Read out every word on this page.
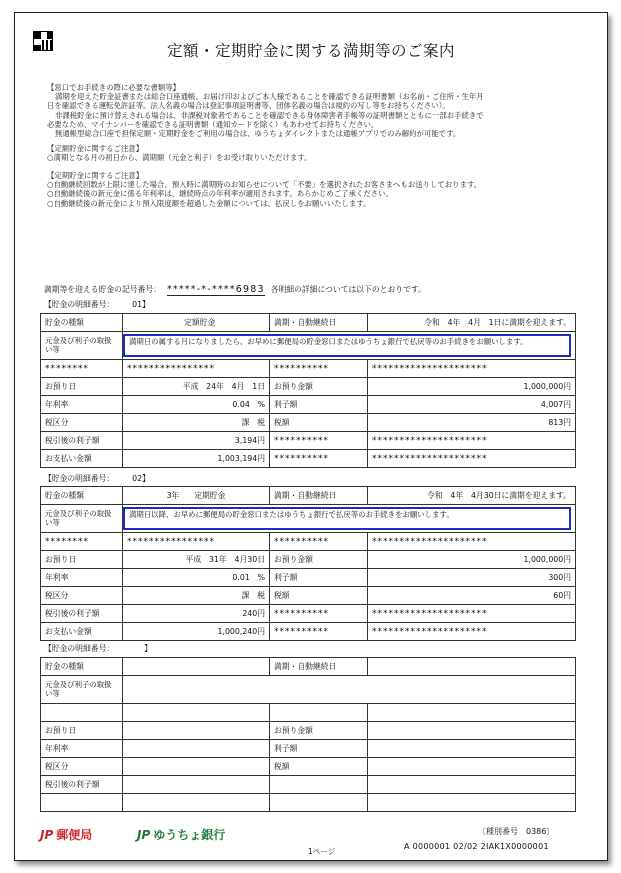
定額・定期貯金に関する満期等のご案内
【窓口でお手続きの際に必要な書類等】
満期を迎えた貯金証書または総合口座通帳、お届け印およびご本人様であることを確認できる証明書類（お名前・ご住所・生年月
日を確認できる運転免許証等。法人名義の場合は登記事項証明書等、団体名義の場合は規約の写し等をお持ちください）。
非課税貯金に預け替えされる場合は、非課税対象者であることを確認できる身体障害者手帳等の証明書類とともに一部お手続きで
必要なため、マイナンバーを確認できる証明書類（通知カードを除く）もあわせてお持ちください。
無通帳型総合口座で担保定額・定期貯金をご利用の場合は、ゆうちょダイレクトまたは通帳アプリでのみ解約が可能です。
【定額貯金に関するご注意】
○満期となる月の初日から、満期額（元金と利子）をお受け取りいただけます。
【定期貯金に関するご注意】
○自動継続回数が上限に達した場合、預入時に満期時のお知らせについて「不要」を選択されたお客さまへもお送りしております。
○自動継続後の新元金に係る年利率は、継続時点の年利率が適用されます。あらかじめご了承ください。
○自動継続後の新元金により預入限度額を超過した金額については、払戻しをお願いいたします。
満期等を迎える貯金の記号番号： *****-*-****6983 各明細の詳細については以下のとおりです。
【貯金の明細番号： 01】
貯金の種類	定額貯金	満期・自動継続日	令和　4年　4月　1日に満期を迎えます。
元金及び利子の取扱い等	満期日の属する月になりましたら、お早めに郵便局の貯金窓口またはゆうちょ銀行で払戻等のお手続きをお願いします。		

********	****************	**********	*********************
お預り日	平成　24年　4月　1日	お預り金額	1,000,000円
年利率	0.04　%	利子額	4,007円
税区分	課　税	税額	813円
税引後の利子額	3,194円	**********	*********************
お支払い金額	1,003,194円	**********	*********************
【貯金の明細番号： 02】
貯金の種類	3年 定期貯金	満期・自動継続日	令和　4年　4月30日に満期を迎えます。
元金及び利子の取扱い等	満期日以降、お早めに郵便局の貯金窓口またはゆうちょ銀行で払戻等のお手続きをお願いします。		

********	****************	**********	*********************
お預り日	平成　31年　4月30日	お預り金額	1,000,000円
年利率	0.01　%	利子額	300円
税区分	課　税	税額	60円
税引後の利子額	240円	**********	*********************
お支払い金額	1,000,240円	**********	*********************
【貯金の明細番号：	】
貯金の種類		満期・自動継続日	
元金及び利子の取扱い等			

お預り日		お預り金額	
年利率		利子額	
税区分		税額	
税引後の利子額			

JP 郵便局	JP ゆうちょ銀行
1ページ
〔種別番号　0386〕
A 0000001 02/02 2IAK1X0000001
